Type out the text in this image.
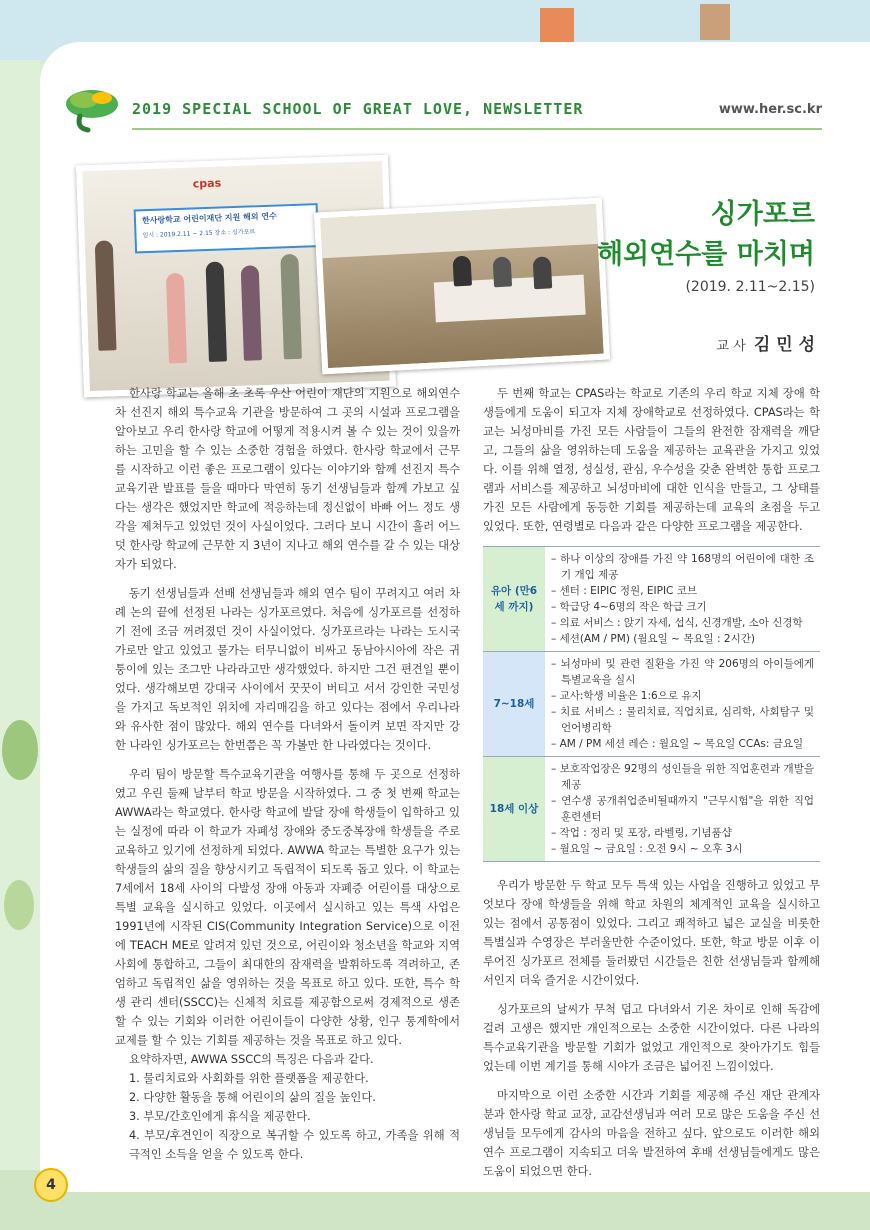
2019 SPECIAL SCHOOL OF GREAT LOVE, NEWSLETTER	www.her.sc.kr
cpas
한사랑학교 어린이재단 지원 해외 연수
일시 : 2019.2.11 ~ 2.15 장소 : 싱가포르
싱가포르
해외연수를 마치며
(2019. 2.11~2.15)
교 사 김 민 성

한사랑 학교는 올해 초 초록 우산 어린이 재단의 지원으로 해외연수 차 선진지 해외 특수교육 기관을 방문하여 그 곳의 시설과 프로그램을 알아보고 우리 한사랑 학교에 어떻게 적용시켜 볼 수 있는 것이 있을까 하는 고민을 할 수 있는 소중한 경험을 하였다. 한사랑 학교에서 근무를 시작하고 이런 좋은 프로그램이 있다는 이야기와 함께 선진지 특수교육기관 발표를 들을 때마다 막연히 동기 선생님들과 함께 가보고 싶다는 생각은 했었지만 학교에 적응하는데 정신없이 바빠 어느 정도 생각을 제쳐두고 있었던 것이 사실이었다. 그러다 보니 시간이 흘러 어느덧 한사랑 학교에 근무한 지 3년이 지나고 해외 연수를 갈 수 있는 대상자가 되었다.

동기 선생님들과 선배 선생님들과 해외 연수 팀이 꾸려지고 여러 차례 논의 끝에 선정된 나라는 싱가포르였다. 처음에 싱가포르를 선정하기 전에 조금 꺼려졌던 것이 사실이었다. 싱가포르라는 나라는 도시국가로만 알고 있었고 물가는 터무니없이 비싸고 동남아시아에 작은 귀퉁이에 있는 조그만 나라라고만 생각했었다. 하지만 그건 편견일 뿐이었다. 생각해보면 강대국 사이에서 꿋꿋이 버티고 서서 강인한 국민성을 가지고 독보적인 위치에 자리매김을 하고 있다는 점에서 우리나라와 유사한 점이 많았다. 해외 연수를 다녀와서 돌이켜 보면 작지만 강한 나라인 싱가포르는 한번쯤은 꼭 가볼만 한 나라였다는 것이다.

우리 팀이 방문할 특수교육기관을 여행사를 통해 두 곳으로 선정하였고 우린 둘째 날부터 학교 방문을 시작하였다. 그 중 첫 번째 학교는 AWWA라는 학교였다. 한사랑 학교에 발달 장애 학생들이 입학하고 있는 실정에 따라 이 학교가 자폐성 장애와 중도중복장애 학생들을 주로 교육하고 있기에 선정하게 되었다. AWWA 학교는 특별한 요구가 있는 학생들의 삶의 질을 향상시키고 독립적이 되도록 돕고 있다. 이 학교는 7세에서 18세 사이의 다발성 장애 아동과 자폐증 어린이를 대상으로 특별 교육을 실시하고 있었다. 이곳에서 실시하고 있는 특색 사업은 1991년에 시작된 CIS(Community Integration Service)으로 이전에 TEACH ME로 알려져 있던 것으로, 어린이와 청소년을 학교와 지역사회에 통합하고, 그들이 최대한의 잠재력을 발휘하도록 격려하고, 존엄하고 독립적인 삶을 영위하는 것을 목표로 하고 있다. 또한, 특수 학생 관리 센터(SSCC)는 신체적 치료를 제공함으로써 경제적으로 생존할 수 있는 기회와 이러한 어린이들이 다양한 상황, 인구 통계학에서 교제를 할 수 있는 기회를 제공하는 것을 목표로 하고 있다.

요약하자면, AWWA SSCC의 특징은 다음과 같다.

1. 물리치료와 사회화를 위한 플랫폼을 제공한다.
2. 다양한 활동을 통해 어린이의 삶의 질을 높인다.
3. 부모/간호인에게 휴식을 제공한다.
4. 부모/후견인이 직장으로 복귀할 수 있도록 하고, 가족을 위해 적극적인 소득을 얻을 수 있도록 한다.

두 번째 학교는 CPAS라는 학교로 기존의 우리 학교 지체 장애 학생들에게 도움이 되고자 지체 장애학교로 선정하였다. CPAS라는 학교는 뇌성마비를 가진 모든 사람들이 그들의 완전한 잠재력을 깨닫고, 그들의 삶을 영위하는데 도움을 제공하는 교육관을 가지고 있었다. 이를 위해 열정, 성실성, 관심, 우수성을 갖춘 완벽한 통합 프로그램과 서비스를 제공하고 뇌성마비에 대한 인식을 만들고, 그 상태를 가진 모든 사람에게 동등한 기회를 제공하는데 교육의 초점을 두고 있었다. 또한, 연령별로 다음과 같은 다양한 프로그램을 제공한다.

유아 (만6세 까지)	– 하나 이상의 장애를 가진 약 168명의 어린이에 대한 조기 개입 제공
– 센터 : EIPIC 정원, EIPIC 코브
– 학급당 4~6명의 작은 학급 크기
– 의료 서비스 : 앉기 자세, 섭식, 신경개발, 소아 신경학
– 세션(AM / PM) (월요일 ~ 목요일 : 2시간)

7~18세	– 뇌성마비 및 관련 질환을 가진 약 206명의 아이들에게 특별교육을 실시
– 교사:학생 비율은 1:6으로 유지
– 치료 서비스 : 물리치료, 직업치료, 심리학, 사회탐구 및 언어병리학
– AM / PM 세션 레슨 : 월요일 ~ 목요일 CCAs: 금요일

18세 이상	– 보호작업장은 92명의 성인들을 위한 직업훈련과 개발을 제공
– 연수생 공개취업준비될때까지 "근무시험"을 위한 직업훈련센터
– 작업 : 정리 및 포장, 라벨링, 기념품샵
– 월요일 ~ 금요일 : 오전 9시 ~ 오후 3시

우리가 방문한 두 학교 모두 특색 있는 사업을 진행하고 있었고 무엇보다 장애 학생들을 위해 학교 차원의 체계적인 교육을 실시하고 있는 점에서 공통점이 있었다. 그리고 쾌적하고 넓은 교실을 비롯한 특별실과 수영장은 부러울만한 수준이었다. 또한, 학교 방문 이후 이루어진 싱가포르 전체를 둘러봤던 시간들은 친한 선생님들과 함께해서인지 더욱 즐거운 시간이었다.

싱가포르의 날씨가 무척 덥고 다녀와서 기온 차이로 인해 독감에 걸려 고생은 했지만 개인적으로는 소중한 시간이었다. 다른 나라의 특수교육기관을 방문할 기회가 없었고 개인적으로 찾아가기도 힘들었는데 이번 계기를 통해 시야가 조금은 넓어진 느낌이었다.

마지막으로 이런 소중한 시간과 기회를 제공해 주신 재단 관계자 분과 한사랑 학교 교장, 교감선생님과 여러 모로 많은 도움을 주신 선생님들 모두에게 감사의 마음을 전하고 싶다. 앞으로도 이러한 해외 연수 프로그램이 지속되고 더욱 발전하여 후배 선생님들에게도 많은 도움이 되었으면 한다.

4
